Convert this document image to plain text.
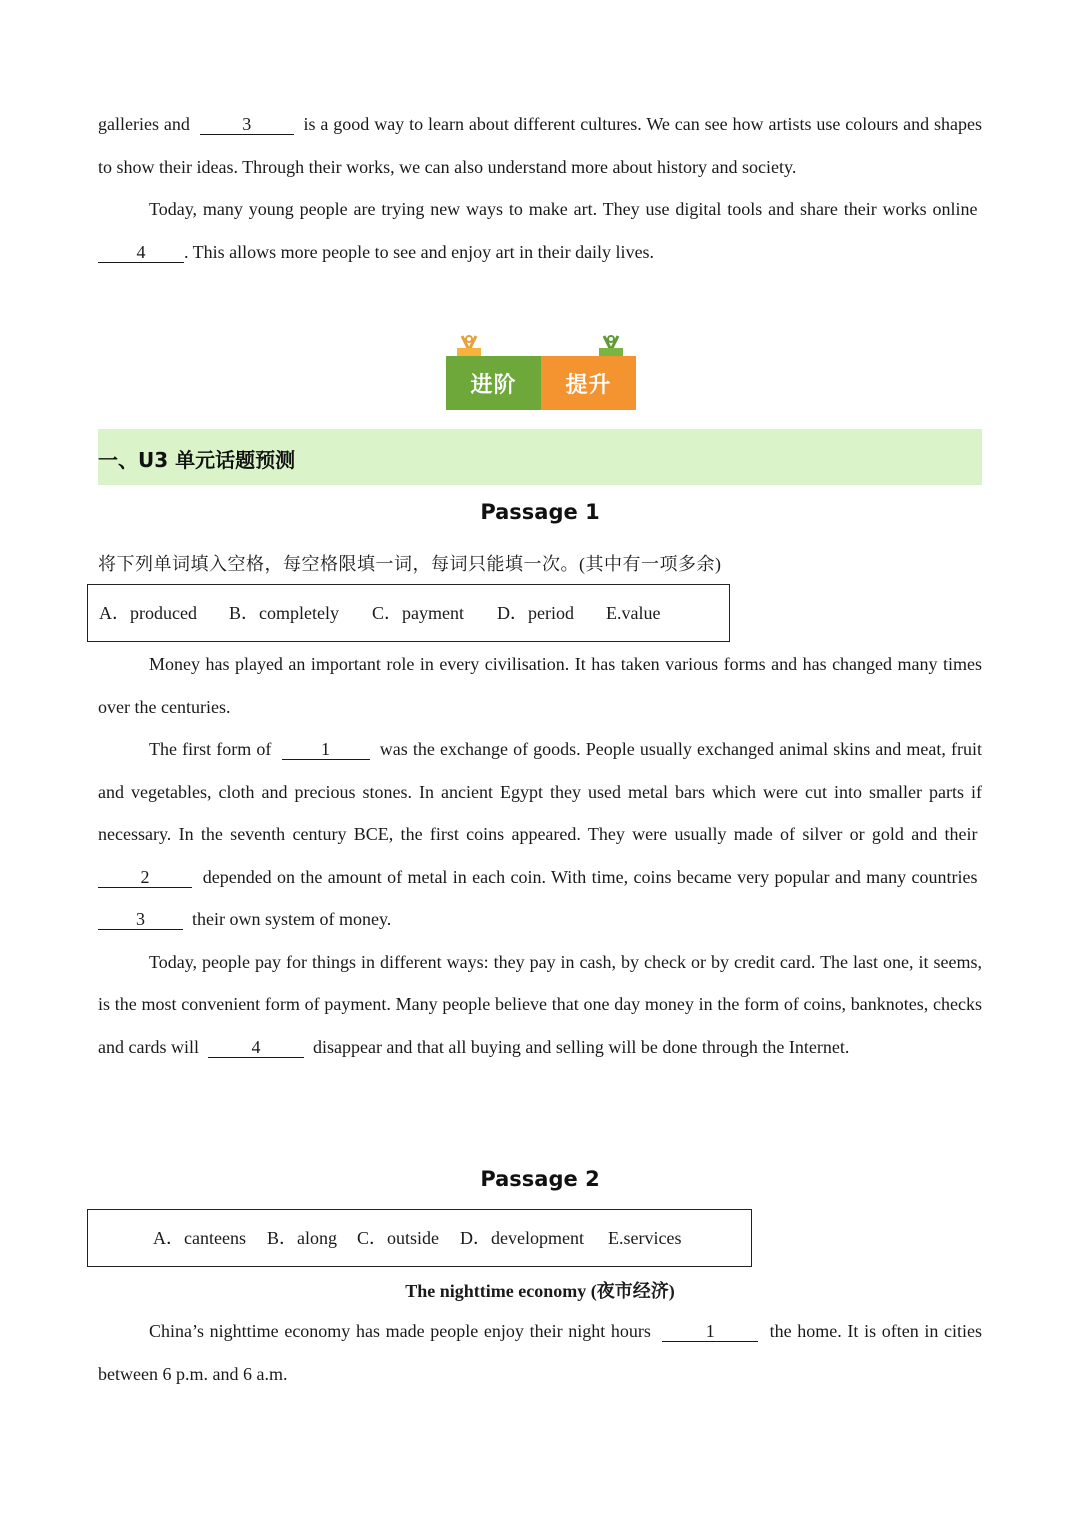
galleries and	3	is a good way to learn about different cultures. We can see how artists use colours and shapes to show their ideas. Through their works, we can also understand more about history and society.

Today, many young people are trying new ways to make art. They use digital tools and share their works online  4 . This allows more people to see and enjoy art in their daily lives.

进阶	提升
一、U3 单元话题预测
Passage 1
将下列单词填入空格，每空格限填一词，每词只能填一次。(其中有一项多余)
A．produced B．completely C．payment D．period E.value

Money has played an important role in every civilisation. It has taken various forms and has changed many times over the centuries.

The first form of	1	was the exchange of goods. People usually exchanged animal skins and meat, fruit and vegetables, cloth and precious stones. In ancient Egypt they used metal bars which were cut into smaller parts if necessary. In the seventh century BCE, the first coins appeared. They were usually made of silver or gold and their  2	depended on the amount of metal in each coin. With time, coins became very popular and many countries  3	their own system of money.

Today, people pay for things in different ways: they pay in cash, by check or by credit card. The last one, it seems, is the most convenient form of payment. Many people believe that one day money in the form of coins, banknotes, checks and cards will	4	disappear and that all buying and selling will be done through the Internet.

Passage 2
A．canteens B．along C．outside D．development E.services
The nighttime economy (夜市经济)

China’s nighttime economy has made people enjoy their night hours	1	the home. It is often in cities between 6 p.m. and 6 a.m.
